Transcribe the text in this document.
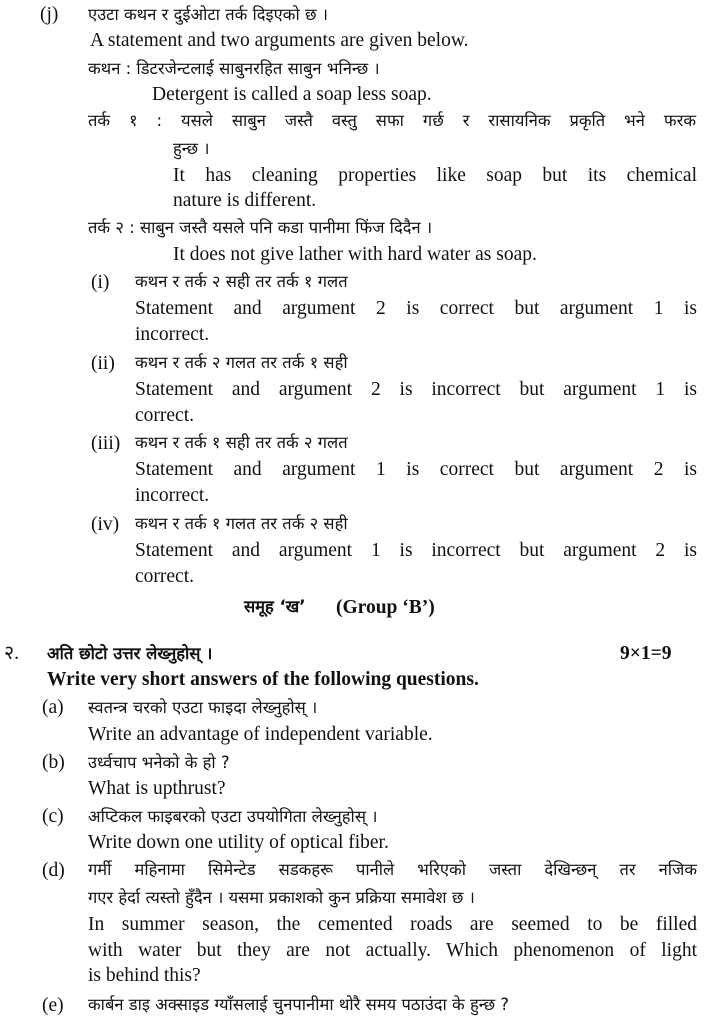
(j) एउटा कथन र दुईओटा तर्क दिइएको छ ।
A statement and two arguments are given below.
कथन : डिटरजेन्टलाई साबुनरहित साबुन भनिन्छ ।
Detergent is called a soap less soap.
तर्क १ : यसले साबुन जस्तै वस्तु सफा गर्छ र रासायनिक प्रकृति भने फरक
हुन्छ ।
It has cleaning properties like soap but its chemical
nature is different.
तर्क २ : साबुन जस्तै यसले पनि कडा पानीमा फिंज दिदैन ।
It does not give lather with hard water as soap.
(i) कथन र तर्क २ सही तर तर्क १ गलत
Statement and argument 2 is correct but argument 1 is
incorrect.
(ii) कथन र तर्क २ गलत तर तर्क १ सही
Statement and argument 2 is incorrect but argument 1 is
correct.
(iii) कथन र तर्क १ सही तर तर्क २ गलत
Statement and argument 1 is correct but argument 2 is
incorrect.
(iv) कथन र तर्क १ गलत तर तर्क २ सही
Statement and argument 1 is incorrect but argument 2 is
correct.
समूह ‘ख’ (Group ‘B’)
२. अति छोटो उत्तर लेख्नुहोस् ।	9×1=9
Write very short answers of the following questions.
(a) स्वतन्त्र चरको एउटा फाइदा लेख्नुहोस् ।
Write an advantage of independent variable.
(b) उर्ध्वचाप भनेको के हो ?
What is upthrust?
(c) अप्टिकल फाइबरको एउटा उपयोगिता लेख्नुहोस् ।
Write down one utility of optical fiber.
(d) गर्मी महिनामा सिमेन्टेड सडकहरू पानीले भरिएको जस्ता देखिन्छन् तर नजिक
गएर हेर्दा त्यस्तो हुँदैन । यसमा प्रकाशको कुन प्रक्रिया समावेश छ ।
In summer season, the cemented roads are seemed to be filled
with water but they are not actually. Which phenomenon of light
is behind this?
(e) कार्बन डाइ अक्साइड ग्याँसलाई चुनपानीमा थोरै समय पठाउंदा के हुन्छ ?
